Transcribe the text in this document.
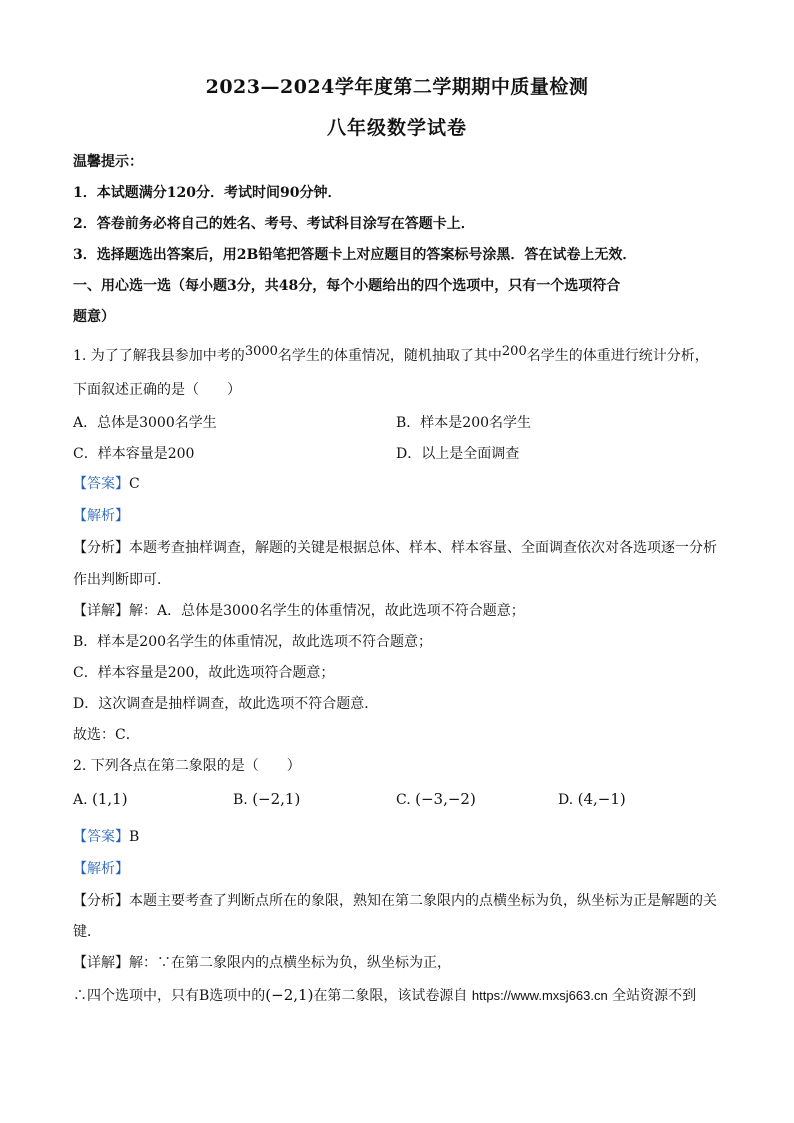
2023—2024学年度第二学期期中质量检测
八年级数学试卷
温馨提示：
1．本试题满分120分．考试时间90分钟．
2．答卷前务必将自己的姓名、考号、考试科目涂写在答题卡上．
3．选择题选出答案后，用2B铅笔把答题卡上对应题目的答案标号涂黑．答在试卷上无效．
一、用心选一选（每小题3分，共48分，每个小题给出的四个选项中，只有一个选项符合
题意）
1. 为了了解我县参加中考的3000名学生的体重情况，随机抽取了其中200名学生的体重进行统计分析，
下面叙述正确的是（　　）
A．总体是3000名学生	B．样本是200名学生
C．样本容量是200	D．以上是全面调查
【答案】C
【解析】
【分析】本题考查抽样调查，解题的关键是根据总体、样本、样本容量、全面调查依次对各选项逐一分析
作出判断即可．
【详解】解：A．总体是3000名学生的体重情况，故此选项不符合题意；
B．样本是200名学生的体重情况，故此选项不符合题意；
C．样本容量是200，故此选项符合题意；
D．这次调查是抽样调查，故此选项不符合题意．
故选：C．
2. 下列各点在第二象限的是（　　）
A. (1,1)	B. (−2,1)	C. (−3,−2)	D. (4,−1)
【答案】B
【解析】
【分析】本题主要考查了判断点所在的象限，熟知在第二象限内的点横坐标为负，纵坐标为正是解题的关
键．
【详解】解：∵在第二象限内的点横坐标为负，纵坐标为正，
∴四个选项中，只有B选项中的(−2,1)在第二象限，该试卷源自 https://www.mxsj663.cn 全站资源不到
